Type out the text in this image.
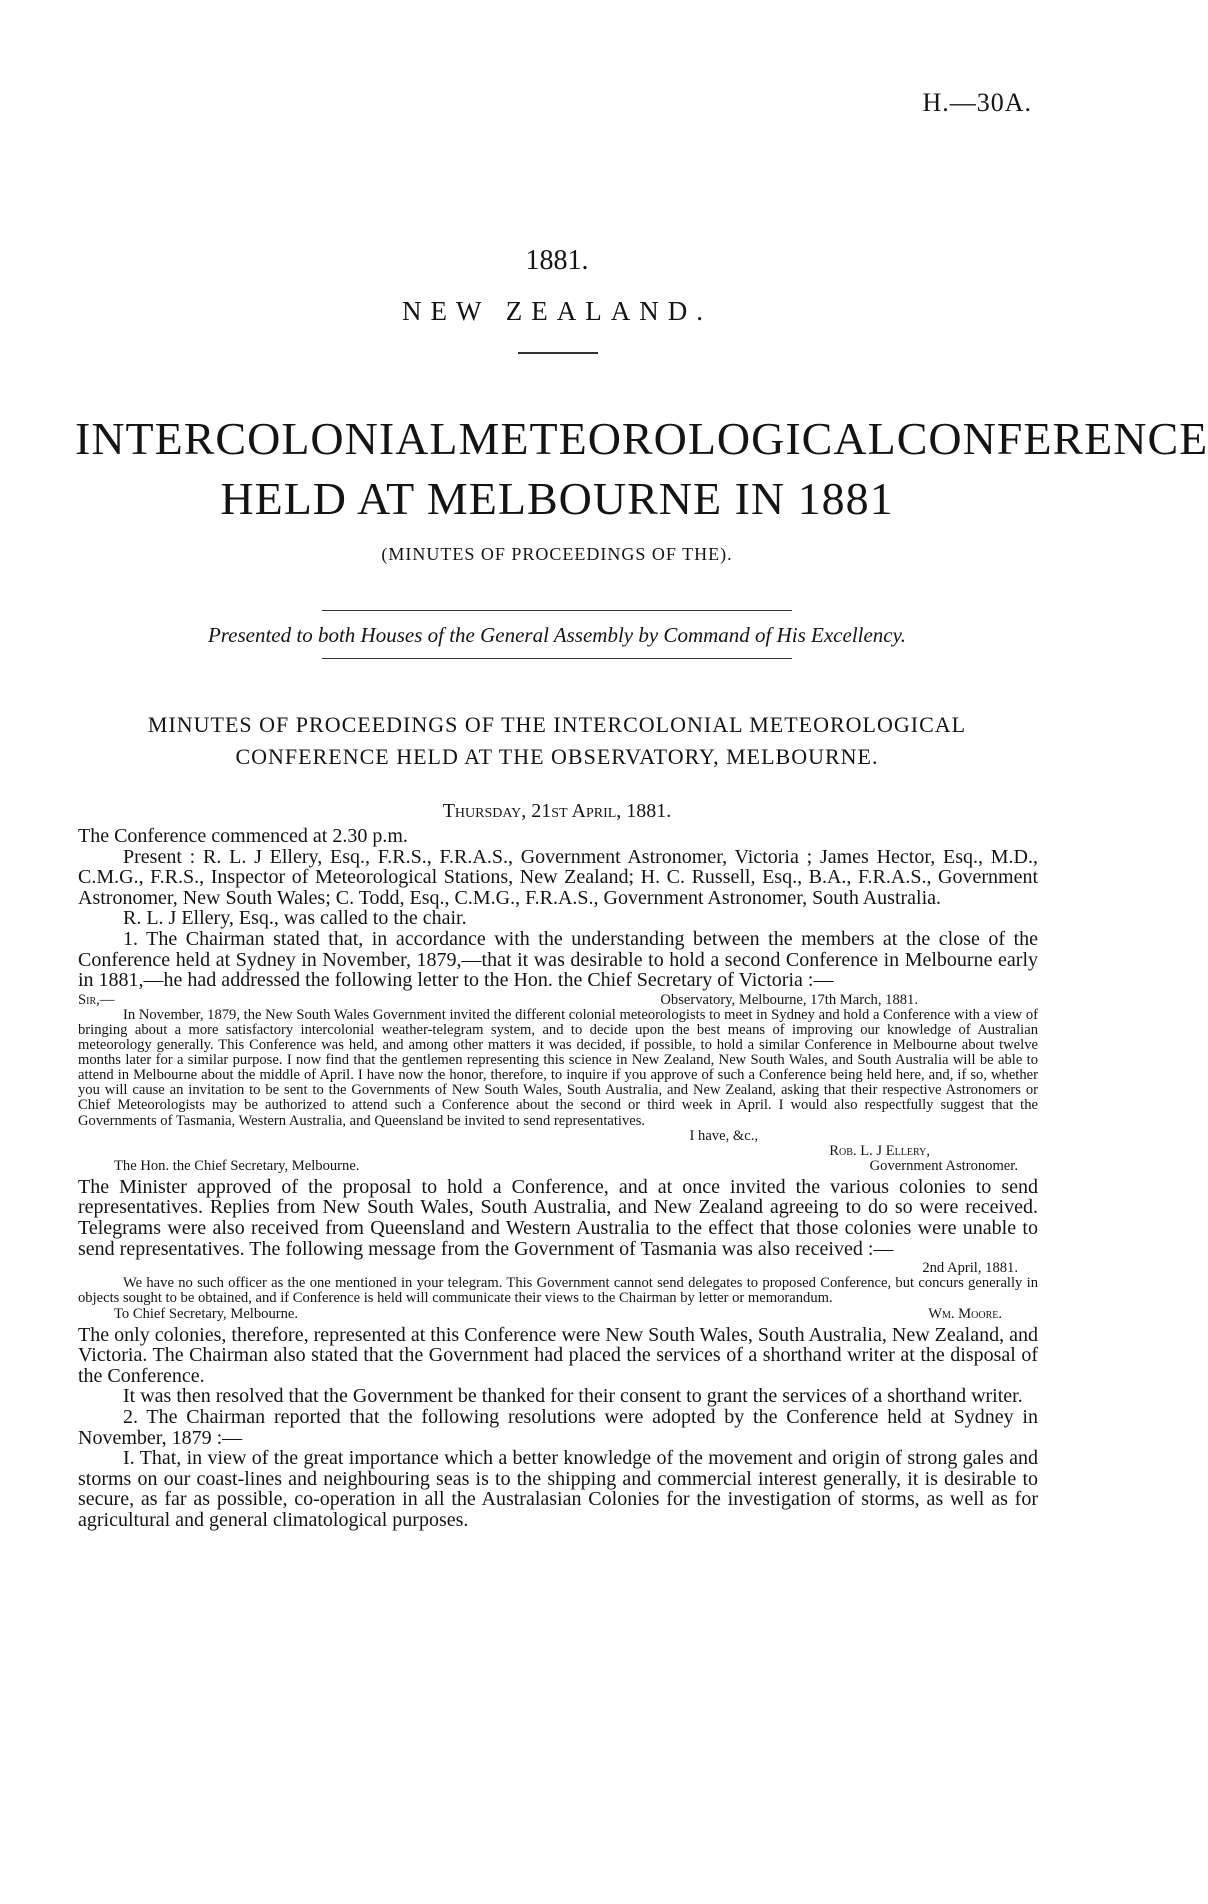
H.—30A.
1881.
NEW ZEALAND.
INTERCOLONIAL METEOROLOGICAL CONFERENCE
HELD AT MELBOURNE IN 1881
(MINUTES OF PROCEEDINGS OF THE).
Presented to both Houses of the General Assembly by Command of His Excellency.
MINUTES OF PROCEEDINGS OF THE INTERCOLONIAL METEOROLOGICAL
CONFERENCE HELD AT THE OBSERVATORY, MELBOURNE.
Thursday, 21st April, 1881.

The Conference commenced at 2.30 p.m.

Present : R. L. J Ellery, Esq., F.R.S., F.R.A.S., Government Astronomer, Victoria ; James Hector, Esq., M.D., C.M.G., F.R.S., Inspector of Meteorological Stations, New Zealand; H. C. Russell, Esq., B.A., F.R.A.S., Government Astronomer, New South Wales; C. Todd, Esq., C.M.G., F.R.A.S., Government Astronomer, South Australia.

R. L. J Ellery, Esq., was called to the chair.

1. The Chairman stated that, in accordance with the understanding between the members at the close of the Conference held at Sydney in November, 1879,—that it was desirable to hold a second Conference in Melbourne early in 1881,—he had addressed the following letter to the Hon. the Chief Secretary of Victoria :—

Sir,—	Observatory, Melbourne, 17th March, 1881.

In November, 1879, the New South Wales Government invited the different colonial meteorologists to meet in Sydney and hold a Conference with a view of bringing about a more satisfactory intercolonial weather-telegram system, and to decide upon the best means of improving our knowledge of Australian meteorology generally. This Conference was held, and among other matters it was decided, if possible, to hold a similar Conference in Melbourne about twelve months later for a similar purpose. I now find that the gentlemen representing this science in New Zealand, New South Wales, and South Australia will be able to attend in Melbourne about the middle of April. I have now the honor, therefore, to inquire if you approve of such a Conference being held here, and, if so, whether you will cause an invitation to be sent to the Governments of New South Wales, South Australia, and New Zealand, asking that their respective Astronomers or Chief Meteorologists may be authorized to attend such a Conference about the second or third week in April. I would also respectfully suggest that the Governments of Tasmania, Western Australia, and Queensland be invited to send representatives.

I have, &c.,
Rob. L. J Ellery,
The Hon. the Chief Secretary, Melbourne.	Government Astronomer.

The Minister approved of the proposal to hold a Conference, and at once invited the various colonies to send representatives. Replies from New South Wales, South Australia, and New Zealand agreeing to do so were received. Telegrams were also received from Queensland and Western Australia to the effect that those colonies were unable to send representatives. The following message from the Government of Tasmania was also received :—

2nd April, 1881.

We have no such officer as the one mentioned in your telegram. This Government cannot send delegates to proposed Conference, but concurs generally in objects sought to be obtained, and if Conference is held will communicate their views to the Chairman by letter or memorandum.

To Chief Secretary, Melbourne.	Wm. Moore.

The only colonies, therefore, represented at this Conference were New South Wales, South Australia, New Zealand, and Victoria. The Chairman also stated that the Government had placed the services of a shorthand writer at the disposal of the Conference.

It was then resolved that the Government be thanked for their consent to grant the services of a shorthand writer.

2. The Chairman reported that the following resolutions were adopted by the Conference held at Sydney in November, 1879 :—

I. That, in view of the great importance which a better knowledge of the movement and origin of strong gales and storms on our coast-lines and neighbouring seas is to the shipping and commercial interest generally, it is desirable to secure, as far as possible, co-operation in all the Australasian Colonies for the investigation of storms, as well as for agricultural and general climatological purposes.
